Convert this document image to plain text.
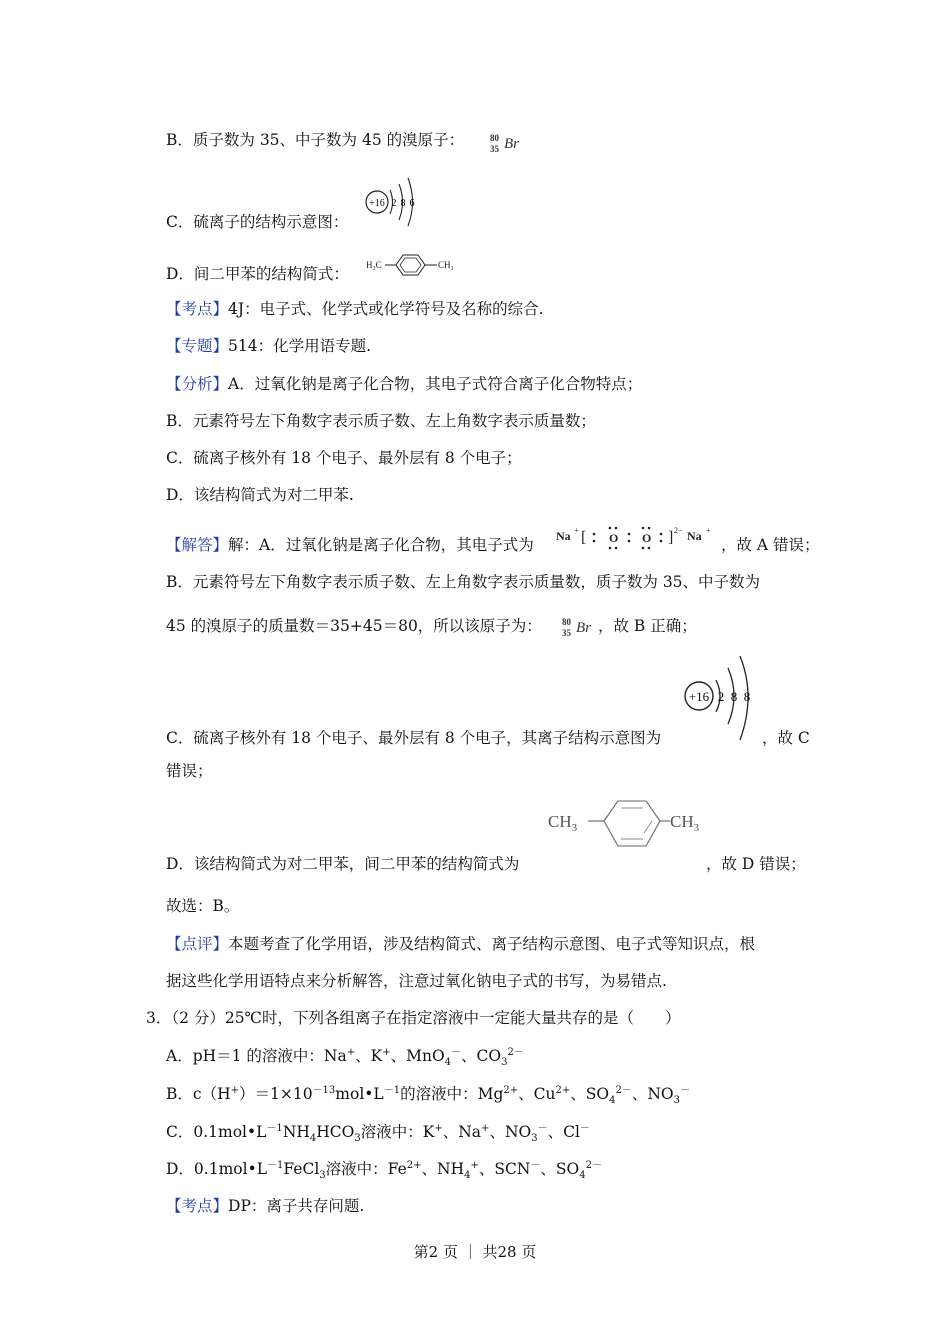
B．质子数为 35、中子数为 45 的溴原子：	80
35 Br
+16 2 8 6
C．硫离子的结构示意图：
D．间二甲苯的结构简式： H₃C	CH₃
【考点】4J：电子式、化学式或化学符号及名称的综合.
【专题】514：化学用语专题.
【分析】A．过氧化钠是离子化合物，其电子式符合离子化合物特点；
B．元素符号左下角数字表示质子数、左上角数字表示质量数；
C．硫离子核外有 18 个电子、最外层有 8 个电子；
D．该结构简式为对二甲苯.
【解答】解：A．过氧化钠是离子化合物，其电子式为 Na + [ O O ] 2− Na +
，故 A 错误；
B．元素符号左下角数字表示质子数、左上角数字表示质量数，质子数为 35、中子数为
45 的溴原子的质量数＝35+45＝80，所以该原子为： 80
35 Br ，故 B 正确；
+16 2 8 8
C．硫离子核外有 18 个电子、最外层有 8 个电子，其离子结构示意图为	，故 C
错误；
$CH_3$	$CH_3$
D．该结构简式为对二甲苯，间二甲苯的结构简式为	，故 D 错误；
故选：B。
【点评】本题考查了化学用语，涉及结构简式、离子结构示意图、电子式等知识点，根
据这些化学用语特点来分析解答，注意过氧化钠电子式的书写，为易错点.
3．（2 分）25℃时，下列各组离子在指定溶液中一定能大量共存的是（　　）
A．pH＝1 的溶液中：Na+、K+、MnO$_4$－、$CO_3^{2-}$
B．$c(H^+)=1\times 10^{-13}mol•L^{-1}$的溶液中：$Mg^{2+}$、$Cu^{2+}$、$SO_4^{2-}$、$NO_3^-$
C．$0.1mol•L^{-1}NH_4HCO_3$溶液中：K+、Na+、$NO_3^-$、Cl－
D．$0.1mol•L^{-1}FeCl_3$溶液中：$Fe^{2+}$、$NH_4^+$、SCN－、$SO_4^{2-}$
【考点】DP：离子共存问题.
第2 页 ｜ 共28 页
